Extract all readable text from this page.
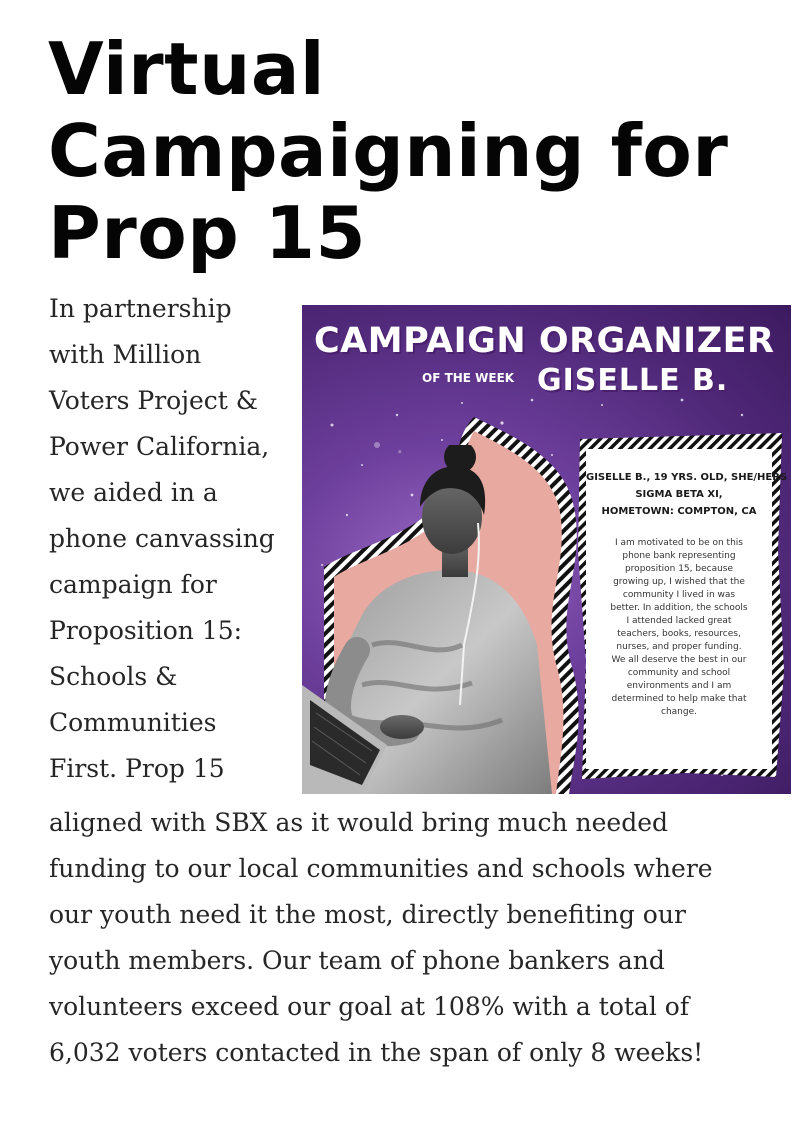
Virtual
Campaigning for
Prop 15
In partnership
with Million
Voters Project &
Power California,
we aided in a
phone canvassing
campaign for
Proposition 15:
Schools &
Communities
First. Prop 15
CAMPAIGN ORGANIZER
OF THE WEEK GISELLE B.
GISELLE B., 19 YRS. OLD, SHE/HERS
SIGMA BETA XI,
HOMETOWN: COMPTON, CA
I am motivated to be on this
phone bank representing
proposition 15, because
growing up, I wished that the
community I lived in was
better. In addition, the schools
I attended lacked great
teachers, books, resources,
nurses, and proper funding.
We all deserve the best in our
community and school
environments and I am
determined to help make that
change.
aligned with SBX as it would bring much needed
funding to our local communities and schools where
our youth need it the most, directly benefiting our
youth members. Our team of phone bankers and
volunteers exceed our goal at 108% with a total of
6,032 voters contacted in the span of only 8 weeks!
